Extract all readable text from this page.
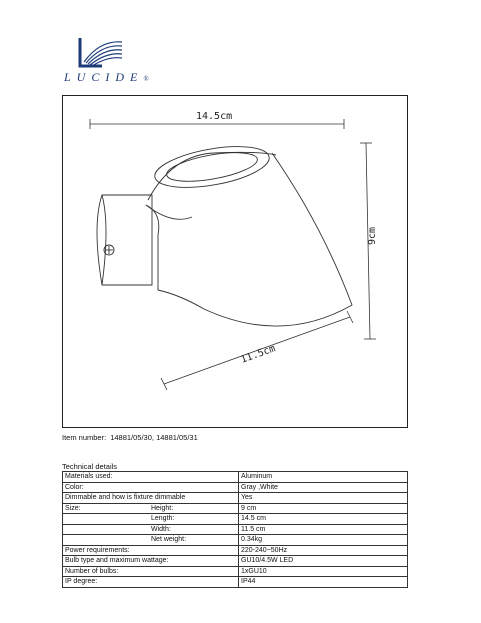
LUCIDE®
14.5cm
9cm
11.5cm
Item number: 14881/05/30, 14881/05/31
Technical details
Materials used:	Aluminum
Color:	Gray ,White
Dimmable and how is fixture dimmable	Yes

Size: Height:	9 cm

Length:	14.5 cm

Width:	11.5 cm

Net weight:	0.34kg
Power requirements:	220-240~50Hz
Bulb type and maximum wattage:	GU10/4.5W LED
Number of bulbs:	1xGU10
IP degree:	IP44
